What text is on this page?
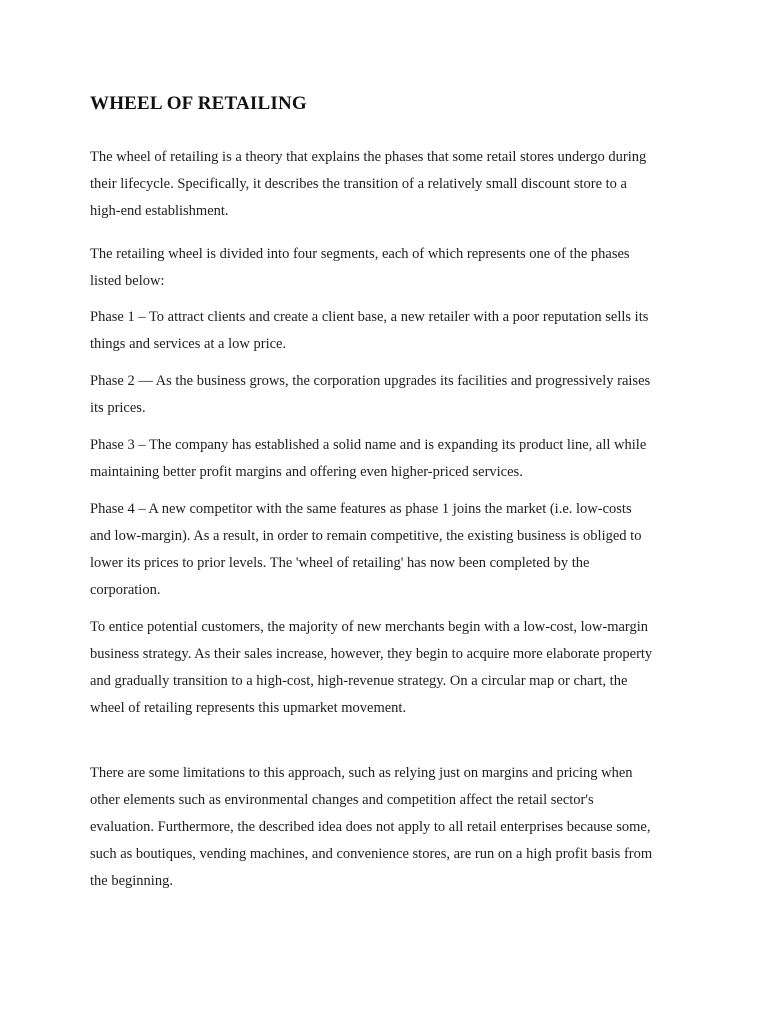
WHEEL OF RETAILING

The wheel of retailing is a theory that explains the phases that some retail stores undergo during
their lifecycle. Specifically, it describes the transition of a relatively small discount store to a
high-end establishment.

The retailing wheel is divided into four segments, each of which represents one of the phases
listed below:

Phase 1 – To attract clients and create a client base, a new retailer with a poor reputation sells its
things and services at a low price.

Phase 2 — As the business grows, the corporation upgrades its facilities and progressively raises
its prices.

Phase 3 – The company has established a solid name and is expanding its product line, all while
maintaining better profit margins and offering even higher-priced services.

Phase 4 – A new competitor with the same features as phase 1 joins the market (i.e. low-costs
and low-margin). As a result, in order to remain competitive, the existing business is obliged to
lower its prices to prior levels. The 'wheel of retailing' has now been completed by the
corporation.

To entice potential customers, the majority of new merchants begin with a low-cost, low-margin
business strategy. As their sales increase, however, they begin to acquire more elaborate property
and gradually transition to a high-cost, high-revenue strategy. On a circular map or chart, the
wheel of retailing represents this upmarket movement.

There are some limitations to this approach, such as relying just on margins and pricing when
other elements such as environmental changes and competition affect the retail sector's
evaluation. Furthermore, the described idea does not apply to all retail enterprises because some,
such as boutiques, vending machines, and convenience stores, are run on a high profit basis from
the beginning.
